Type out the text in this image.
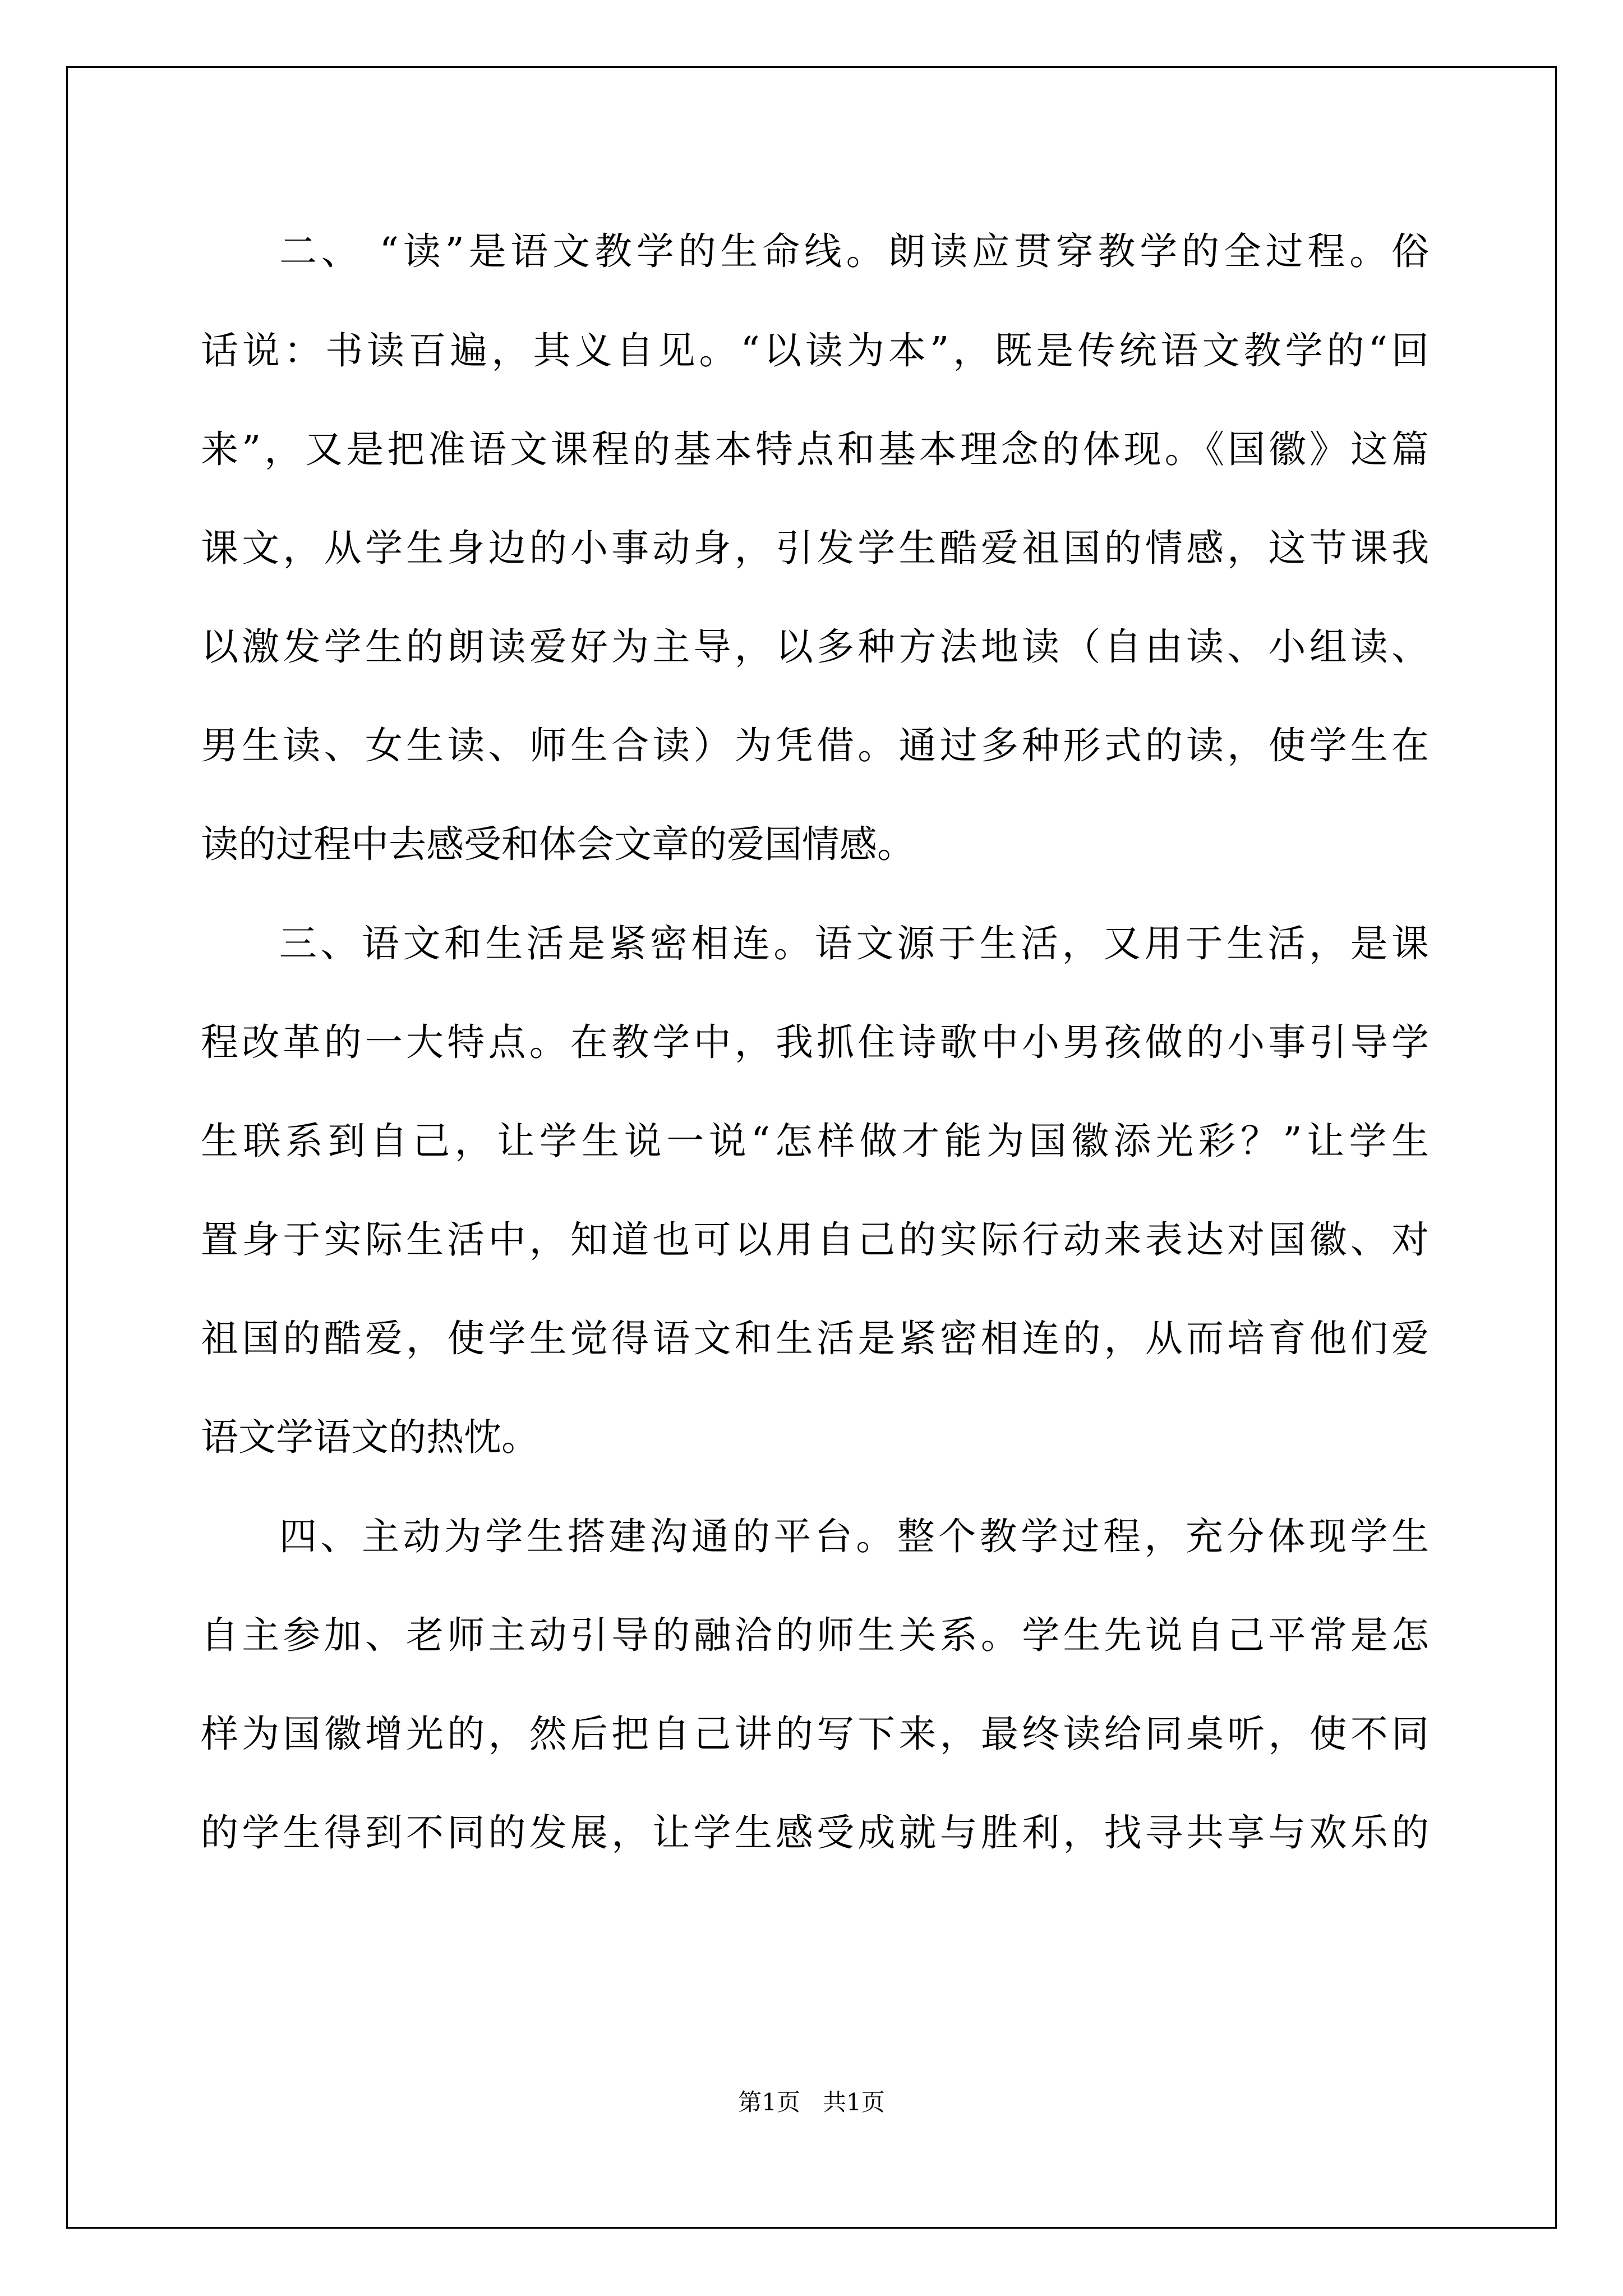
二、 “读”是语文教学的生命线。朗读应贯穿教学的全过程。俗
话说：书读百遍，其义自见。“以读为本”，既是传统语文教学的“回
来”，又是把准语文课程的基本特点和基本理念的体现。《国徽》这篇
课文，从学生身边的小事动身，引发学生酷爱祖国的情感，这节课我
以激发学生的朗读爱好为主导，以多种方法地读（自由读、小组读、
男生读、女生读、师生合读）为凭借。通过多种形式的读，使学生在
读的过程中去感受和体会文章的爱国情感。
三、语文和生活是紧密相连。语文源于生活，又用于生活，是课
程改革的一大特点。在教学中，我抓住诗歌中小男孩做的小事引导学
生联系到自己，让学生说一说“怎样做才能为国徽添光彩？”让学生
置身于实际生活中，知道也可以用自己的实际行动来表达对国徽、对
祖国的酷爱，使学生觉得语文和生活是紧密相连的，从而培育他们爱
语文学语文的热忱。
四、主动为学生搭建沟通的平台。整个教学过程，充分体现学生
自主参加、老师主动引导的融洽的师生关系。学生先说自己平常是怎
样为国徽增光的，然后把自己讲的写下来，最终读给同桌听，使不同
的学生得到不同的发展，让学生感受成就与胜利，找寻共享与欢乐的
第1页   共1页
